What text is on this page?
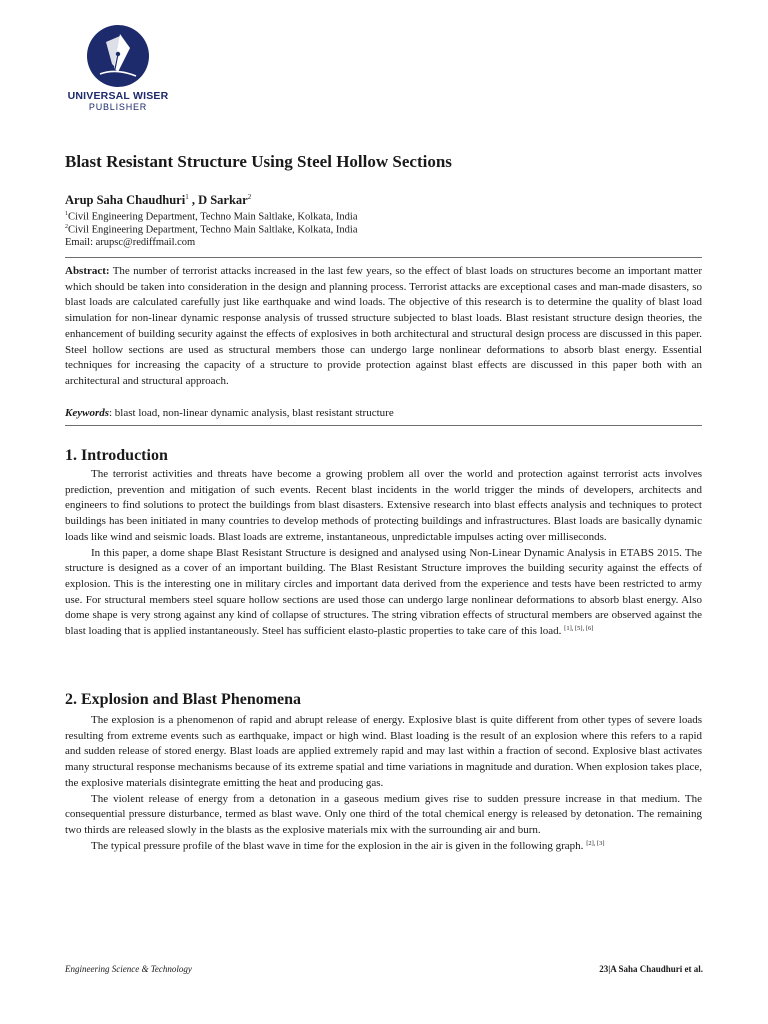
UNIVERSAL WISER
PUBLISHER
Blast Resistant Structure Using Steel Hollow Sections
Arup Saha Chaudhuri$^1$ , D Sarkar$^2$
$^1$Civil Engineering Department, Techno Main Saltlake, Kolkata, India
$^2$Civil Engineering Department, Techno Main Saltlake, Kolkata, India
Email: arupsc@rediffmail.com
Abstract: The number of terrorist attacks increased in the last few years, so the effect of blast loads on structures become an important matter which should be taken into consideration in the design and planning process. Terrorist attacks are exceptional cases and man-made disasters, so blast loads are calculated carefully just like earthquake and wind loads. The objective of this research is to determine the quality of blast load simulation for non-linear dynamic response analysis of trussed structure subjected to blast loads. Blast resistant structure design theories, the enhancement of building security against the effects of explosives in both architectural and structural design process are discussed in this paper. Steel hollow sections are used as structural members those can undergo large nonlinear deformations to absorb blast energy. Essential techniques for increasing the capacity of a structure to provide protection against blast effects are discussed in this paper both with an architectural and structural approach.
Keywords: blast load, non-linear dynamic analysis, blast resistant structure
1. Introduction

The terrorist activities and threats have become a growing problem all over the world and protection against terrorist acts involves prediction, prevention and mitigation of such events. Recent blast incidents in the world trigger the minds of developers, architects and engineers to find solutions to protect the buildings from blast disasters. Extensive research into blast effects analysis and techniques to protect buildings has been initiated in many countries to develop methods of protecting buildings and infrastructures. Blast loads are basically dynamic loads like wind and seismic loads. Blast loads are extreme, instantaneous, unpredictable impulses acting over milliseconds.

In this paper, a dome shape Blast Resistant Structure is designed and analysed using Non-Linear Dynamic Analysis in ETABS 2015. The structure is designed as a cover of an important building. The Blast Resistant Structure improves the building security against the effects of explosion. This is the interesting one in military circles and important data derived from the experience and tests have been restricted to army use. For structural members steel square hollow sections are used those can undergo large nonlinear deformations to absorb blast energy. Also dome shape is very strong against any kind of collapse of structures. The string vibration effects of structural members are observed against the blast loading that is applied instantaneously. Steel has sufficient elasto-plastic properties to take care of this load. [1], [5], [6]

2. Explosion and Blast Phenomena

The explosion is a phenomenon of rapid and abrupt release of energy. Explosive blast is quite different from other types of severe loads resulting from extreme events such as earthquake, impact or high wind. Blast loading is the result of an explosion where this refers to a rapid and sudden release of stored energy. Blast loads are applied extremely rapid and may last within a fraction of second. Explosive blast activates many structural response mechanisms because of its extreme spatial and time variations in magnitude and duration. When explosion takes place, the explosive materials disintegrate emitting the heat and producing gas.

The violent release of energy from a detonation in a gaseous medium gives rise to sudden pressure increase in that medium. The consequential pressure disturbance, termed as blast wave. Only one third of the total chemical energy is released by detonation. The remaining two thirds are released slowly in the blasts as the explosive materials mix with the surrounding air and burn.

The typical pressure profile of the blast wave in time for the explosion in the air is given in the following graph. [2], [3]

Engineering Science & Technology	23|A Saha Chaudhuri et al.
